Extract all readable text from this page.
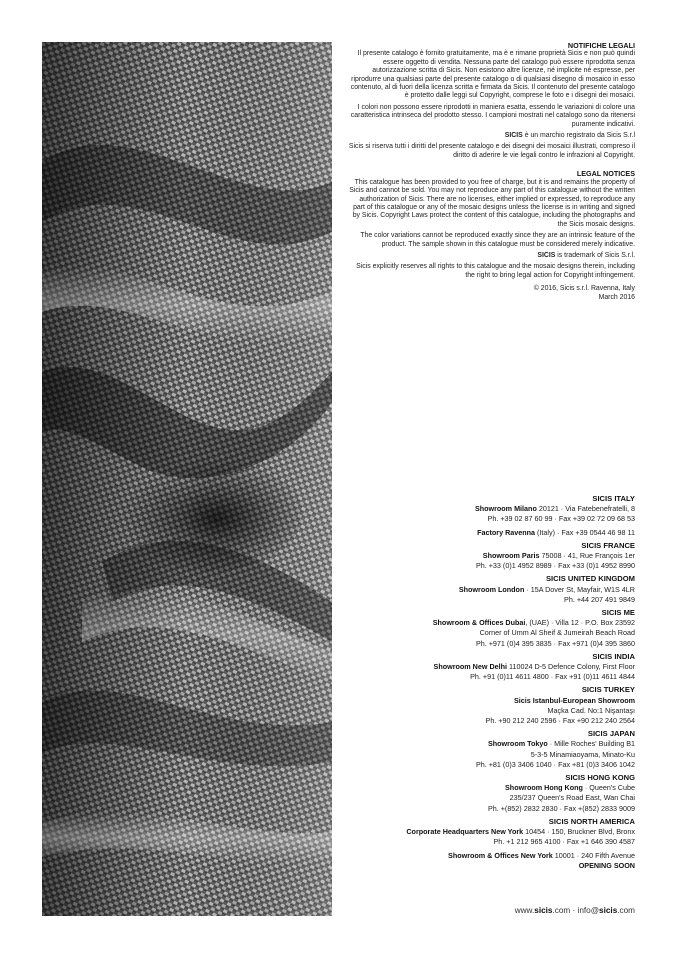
NOTIFICHE LEGALI

Il presente catalogo è fornito gratuitamente, ma è e rimane proprietà Sicis e non può quindi essere oggetto di vendita. Nessuna parte del catalogo può essere riprodotta senza autorizzazione scritta di Sicis. Non esistono altre licenze, né implicite né espresse, per riprodurre una qualsiasi parte del presente catalogo o di qualsiasi disegno di mosaico in esso contenuto, al di fuori della licenza scritta e firmata da Sicis. Il contenuto del presente catalogo è protetto dalle leggi sul Copyright, comprese le foto e i disegni dei mosaici.

I colori non possono essere riprodotti in maniera esatta, essendo le variazioni di colore una caratteristica intrinseca del prodotto stesso. I campioni mostrati nel catalogo sono da ritenersi puramente indicativi.

SICIS è un marchio registrato da Sicis S.r.l

Sicis si riserva tutti i diritti del presente catalogo e dei disegni dei mosaici illustrati, compreso il diritto di aderire le vie legali contro le infrazioni al Copyright.

LEGAL NOTICES

This catalogue has been provided to you free of charge, but it is and remains the property of Sicis and cannot be sold. You may not reproduce any part of this catalogue without the written authorization of Sicis. There are no licenses, either implied or expressed, to reproduce any part of this catalogue or any of the mosaic designs unless the license is in writing and signed by Sicis. Copyright Laws protect the content of this catalogue, including the photographs and the Sicis mosaic designs.

The color variations cannot be reproduced exactly since they are an intrinsic feature of the product. The sample shown in this catalogue must be considered merely indicative.

SICIS is trademark of Sicis S.r.l.

Sicis explicitly reserves all rights to this catalogue and the mosaic designs therein, including the right to bring legal action for Copyright infringement.

© 2016, Sicis s.r.l. Ravenna, Italy
March 2016

SICIS ITALY
Showroom Milano 20121 · Via Fatebenefratelli, 8
Ph. +39 02 87 60 99 · Fax +39 02 72 09 68 53
Factory Ravenna (Italy) · Fax +39 0544 46 98 11
SICIS FRANCE
Showroom Paris 75008 · 41, Rue François 1er
Ph. +33 (0)1 4952 8989 · Fax +33 (0)1 4952 8990
SICIS UNITED KINGDOM
Showroom London · 15A Dover St, Mayfair, W1S 4LR
Ph. +44 207 491 9849
SICIS ME
Showroom & Offices Dubai, (UAE) · Villa 12 · P.O. Box 23592
Corner of Umm Al Sheif & Jumeirah Beach Road
Ph. +971 (0)4 395 3835 · Fax +971 (0)4 395 3860
SICIS INDIA
Showroom New Delhi 110024 D-5 Defence Colony, First Floor
Ph. +91 (0)11 4611 4800 · Fax +91 (0)11 4611 4844
SICIS TURKEY
Sicis Istanbul-European Showroom
Maçka Cad. No:1 Nişantaşı
Ph. +90 212 240 2596 · Fax +90 212 240 2564
SICIS JAPAN
Showroom Tokyo · Mille Roches' Building B1
5-3-5 Minamiaoyama, Minato-Ku
Ph. +81 (0)3 3406 1040 · Fax +81 (0)3 3406 1042
SICIS HONG KONG
Showroom Hong Kong · Queen's Cube
235/237 Queen's Road East, Wan Chai
Ph. +(852) 2832 2830 · Fax +(852) 2833 9009
SICIS NORTH AMERICA
Corporate Headquarters New York 10454 · 150, Bruckner Blvd, Bronx
Ph. +1 212 965 4100 · Fax +1 646 390 4587
Showroom & Offices New York 10001 · 240 Fifth Avenue
OPENING SOON
www.sicis.com · info@sicis.com
